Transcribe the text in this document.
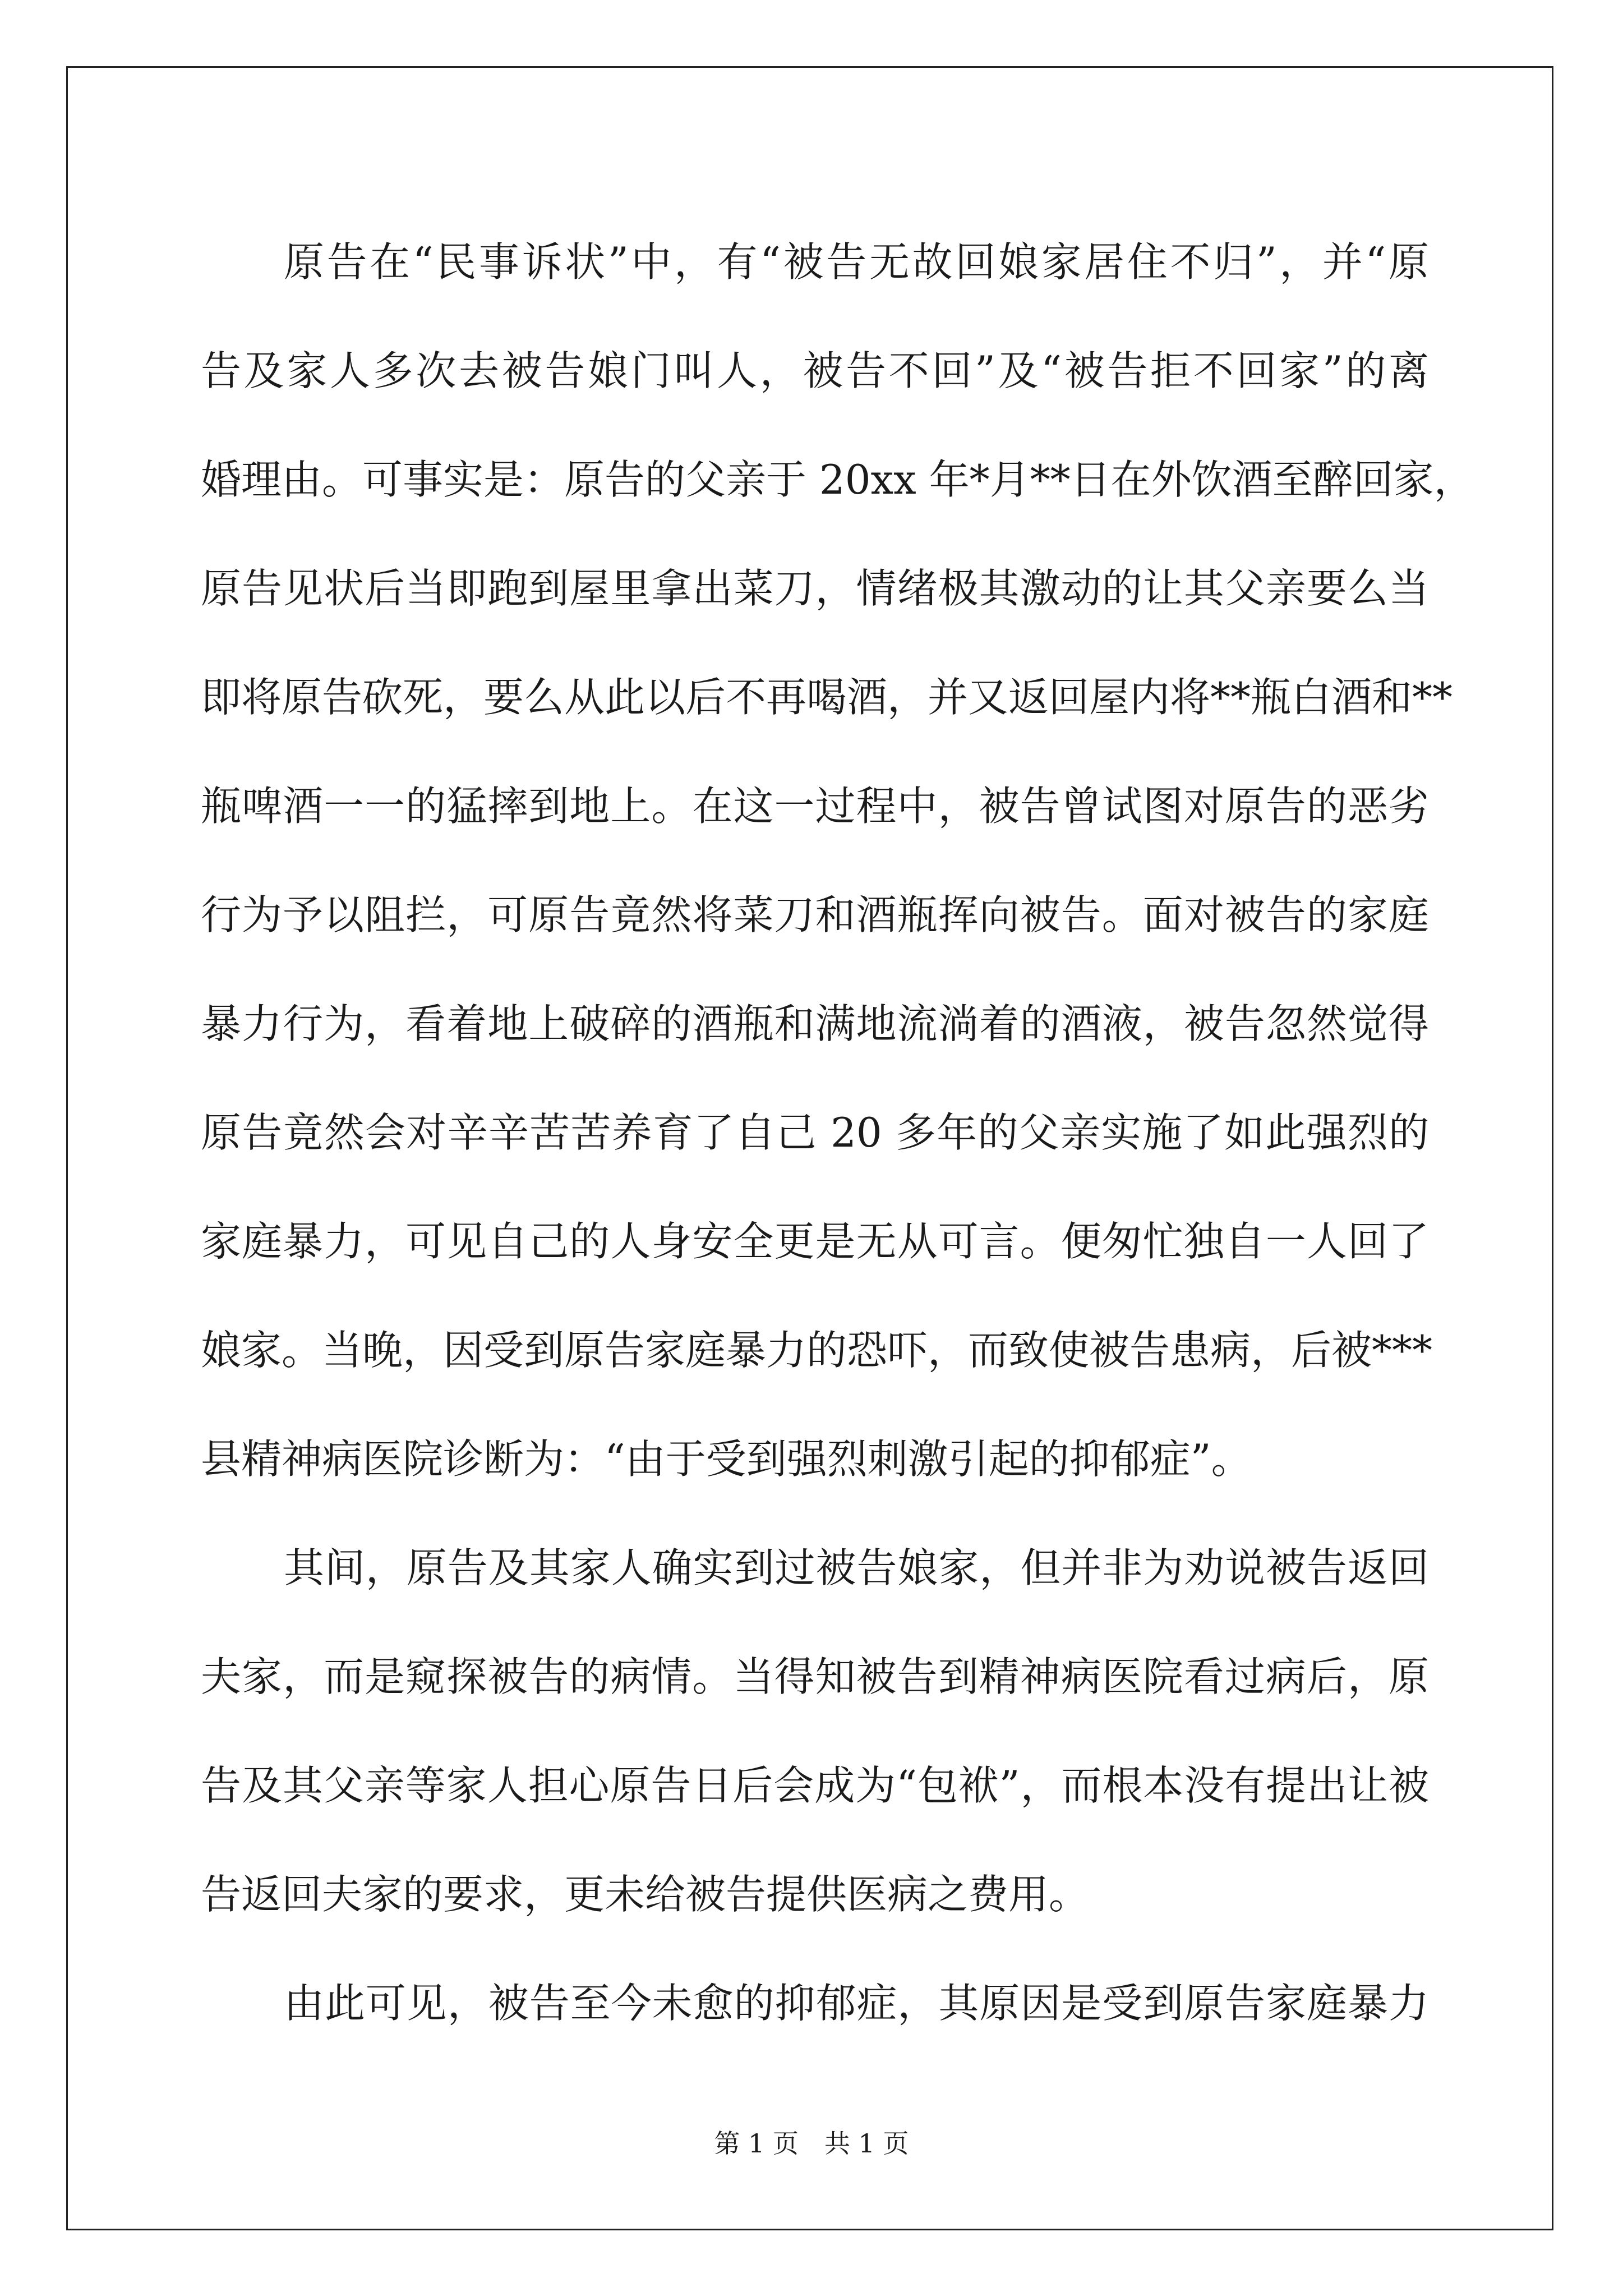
原告在“民事诉状”中，有“被告无故回娘家居住不归”，并“原
告及家人多次去被告娘门叫人，被告不回”及“被告拒不回家”的离
婚理由。可事实是：原告的父亲于 20xx 年*月**日在外饮酒至醉回家，
原告见状后当即跑到屋里拿出菜刀，情绪极其激动的让其父亲要么当
即将原告砍死，要么从此以后不再喝酒，并又返回屋内将**瓶白酒和**
瓶啤酒一一的猛摔到地上。在这一过程中，被告曾试图对原告的恶劣
行为予以阻拦，可原告竟然将菜刀和酒瓶挥向被告。面对被告的家庭
暴力行为，看着地上破碎的酒瓶和满地流淌着的酒液，被告忽然觉得
原告竟然会对辛辛苦苦养育了自己 20 多年的父亲实施了如此强烈的
家庭暴力，可见自己的人身安全更是无从可言。便匆忙独自一人回了
娘家。当晚，因受到原告家庭暴力的恐吓，而致使被告患病，后被***
县精神病医院诊断为：“由于受到强烈刺激引起的抑郁症”。
其间，原告及其家人确实到过被告娘家，但并非为劝说被告返回
夫家，而是窥探被告的病情。当得知被告到精神病医院看过病后，原
告及其父亲等家人担心原告日后会成为“包袱”，而根本没有提出让被
告返回夫家的要求，更未给被告提供医病之费用。
由此可见，被告至今未愈的抑郁症，其原因是受到原告家庭暴力
第 1 页　共 1 页
